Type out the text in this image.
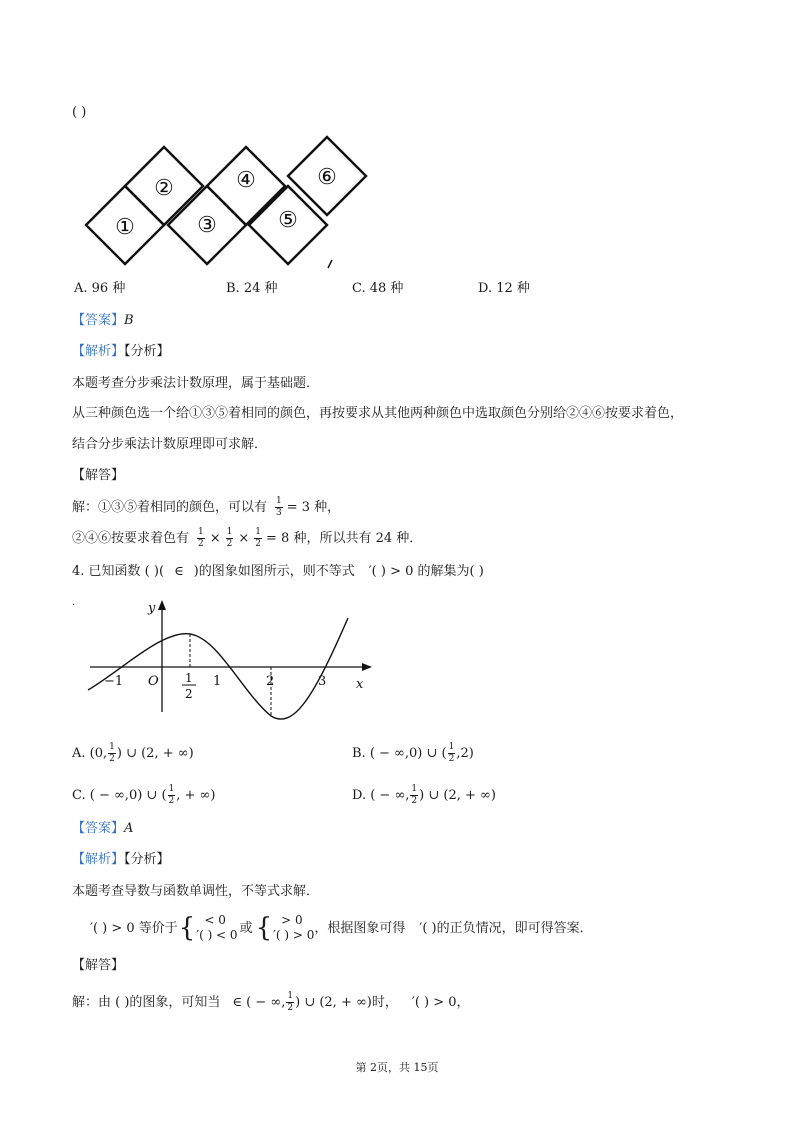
( )
①
②
③
④
⑤
⑥
A. 96 种	B. 24 种	C. 48 种	D. 12 种
【答案】B
【解析】【分析】
本题考查分步乘法计数原理，属于基础题．
从三种颜色选一个给①③⑤着相同的颜色，再按要求从其他两种颜色中选取颜色分别给②④⑥按要求着色，
结合分步乘法计数原理即可求解．
【解答】
解：①③⑤着相同的颜色，可以有 $\frac{1}{3} = 3$ 种，
②④⑥按要求着色有 $\frac{1}{2} \times \frac{1}{2} \times \frac{1}{2} = 8$ 种，所以共有 24 种．
4. 已知函数 ( )( ∈ )的图象如图所示，则不等式 ′( ) > 0 的解集为( )
·	y
x
O
−1	1
2
1	2	3
A. (0, $\frac{1}{2}$ ) ∪ (2, + ∞)	B. ( − ∞,0) ∪ ( $\frac{1}{2} ,2$)
C. ( − ∞,0) ∪ ( $\frac{1}{2}$ , + ∞)	D. ( − ∞, $\frac{1}{2}$ ) ∪ (2, + ∞)
【答案】A
【解析】【分析】
本题考查导数与函数单调性，不等式求解．
′( ) > 0 等价于 { < 0
′( ) < 0 或 { > 0
′( ) > 0 ，根据图象可得 ′( )的正负情况，即可得答案．
【解答】
解：由 ( )的图象，可知当 ∈ ( − ∞, $\frac{1}{2}$ ) ∪ (2, + ∞)时， ′( ) > 0，
第 2页，共 15页
